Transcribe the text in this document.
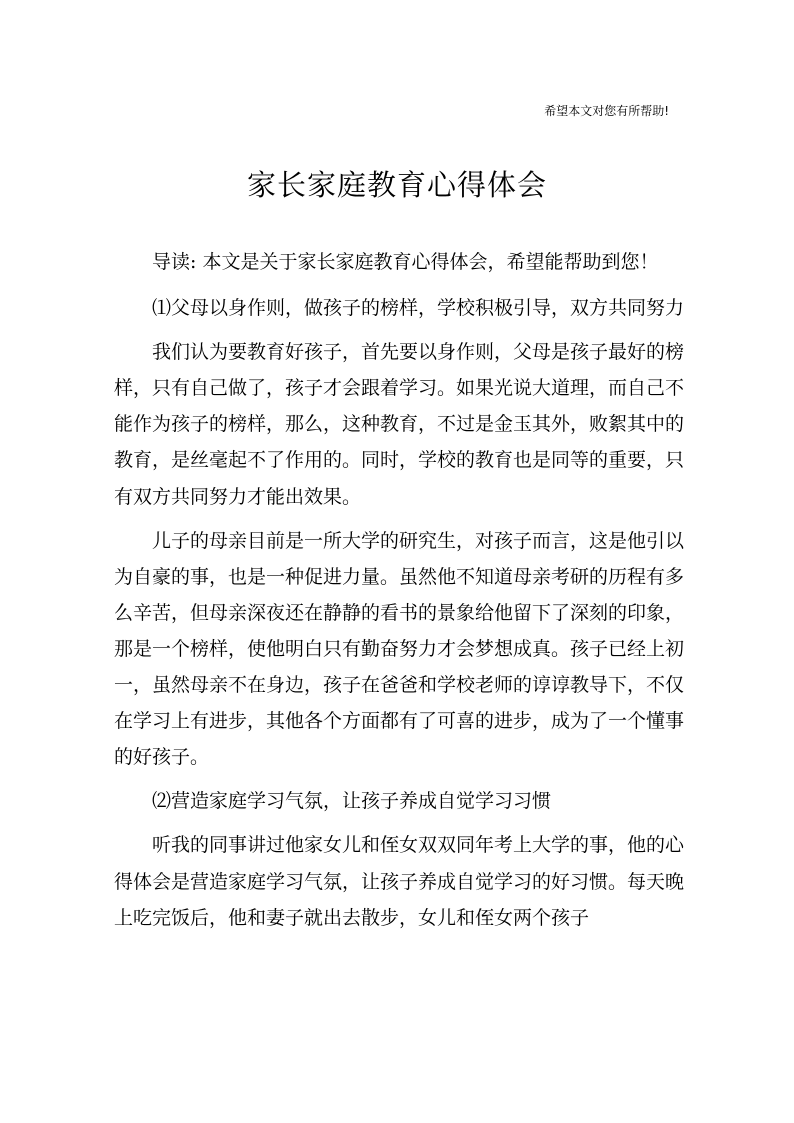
希望本文对您有所帮助!
家长家庭教育心得体会

导读: 本文是关于家长家庭教育心得体会，希望能帮助到您！

⑴父母以身作则，做孩子的榜样，学校积极引导，双方共同努力

我们认为要教育好孩子，首先要以身作则，父母是孩子最好的榜样，只有自己做了，孩子才会跟着学习。如果光说大道理，而自己不能作为孩子的榜样，那么，这种教育，不过是金玉其外，败絮其中的教育，是丝毫起不了作用的。同时，学校的教育也是同等的重要，只有双方共同努力才能出效果。

儿子的母亲目前是一所大学的研究生，对孩子而言，这是他引以为自豪的事，也是一种促进力量。虽然他不知道母亲考研的历程有多么辛苦，但母亲深夜还在静静的看书的景象给他留下了深刻的印象，那是一个榜样，使他明白只有勤奋努力才会梦想成真。孩子已经上初一，虽然母亲不在身边，孩子在爸爸和学校老师的谆谆教导下，不仅在学习上有进步，其他各个方面都有了可喜的进步，成为了一个懂事的好孩子。

⑵营造家庭学习气氛，让孩子养成自觉学习习惯

听我的同事讲过他家女儿和侄女双双同年考上大学的事，他的心得体会是营造家庭学习气氛，让孩子养成自觉学习的好习惯。每天晚上吃完饭后，他和妻子就出去散步，女儿和侄女两个孩子
